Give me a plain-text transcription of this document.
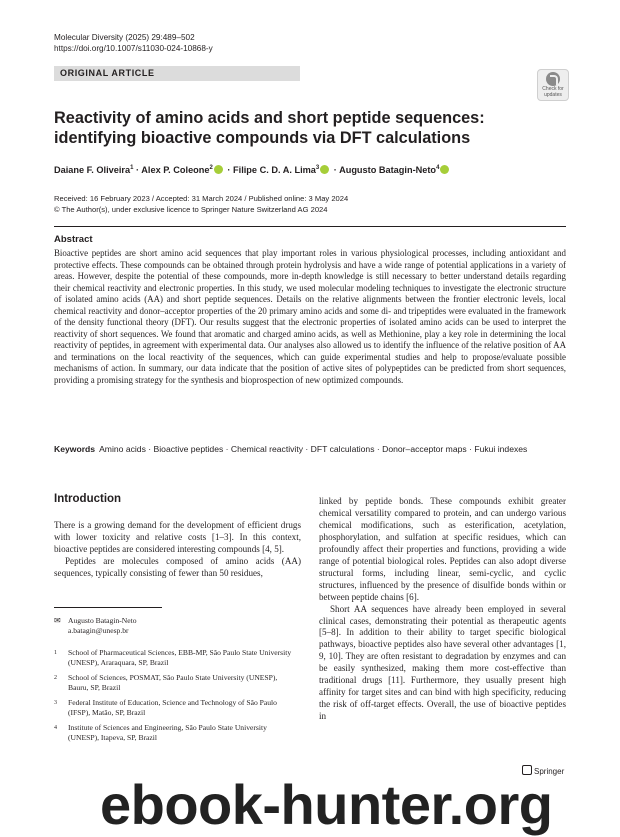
Molecular Diversity (2025) 29:489–502
https://doi.org/10.1007/s11030-024-10868-y
ORIGINAL ARTICLE
Check for updates
Reactivity of amino acids and short peptide sequences: identifying bioactive compounds via DFT calculations
Daiane F. Oliveira$^1$ · Alex P. Coleone$^2$ · Filipe C. D. A. Lima$^3$ · Augusto Batagin-Neto$^4$
Received: 16 February 2023 / Accepted: 31 March 2024 / Published online: 3 May 2024
© The Author(s), under exclusive licence to Springer Nature Switzerland AG 2024
Abstract
Bioactive peptides are short amino acid sequences that play important roles in various physiological processes, including antioxidant and protective effects. These compounds can be obtained through protein hydrolysis and have a wide range of potential applications in a variety of areas. However, despite the potential of these compounds, more in-depth knowledge is still necessary to better understand details regarding their chemical reactivity and electronic properties. In this study, we used molecular modeling techniques to investigate the electronic structure of isolated amino acids (AA) and short peptide sequences. Details on the relative alignments between the frontier electronic levels, local chemical reactivity and donor–acceptor properties of the 20 primary amino acids and some di- and tripeptides were evaluated in the framework of the density functional theory (DFT). Our results suggest that the electronic properties of isolated amino acids can be used to interpret the reactivity of short sequences. We found that aromatic and charged amino acids, as well as Methionine, play a key role in determining the local reactivity of peptides, in agreement with experimental data. Our analyses also allowed us to identify the influence of the relative position of AA and terminations on the local reactivity of the sequences, which can guide experimental studies and help to propose/evaluate possible mechanisms of action. In summary, our data indicate that the position of active sites of polypeptides can be predicted from short sequences, providing a promising strategy for the synthesis and bioprospection of new optimized compounds.
Keywords Amino acids · Bioactive peptides · Chemical reactivity · DFT calculations · Donor–acceptor maps · Fukui indexes
Introduction

There is a growing demand for the development of efficient drugs with lower toxicity and relative costs [1–3]. In this context, bioactive peptides are considered interesting compounds [4, 5].

Peptides are molecules composed of amino acids (AA) sequences, typically consisting of fewer than 50 residues,

linked by peptide bonds. These compounds exhibit greater chemical versatility compared to protein, and can undergo various chemical modifications, such as esterification, acetylation, phosphorylation, and sulfation at specific residues, which can profoundly affect their properties and functions, providing a wide range of potential biological roles. Peptides can also adopt diverse structural forms, including linear, semi-cyclic, and cyclic structures, influenced by the presence of disulfide bonds within or between peptide chains [6].

Short AA sequences have already been employed in several clinical cases, demonstrating their potential as therapeutic agents [5–8]. In addition to their ability to target specific biological pathways, bioactive peptides also have several other advantages [1, 9, 10]. They are often resistant to degradation by enzymes and can be easily synthesized, making them more cost-effective than traditional drugs [11]. Furthermore, they usually present high affinity for target sites and can bind with high specificity, reducing the risk of off-target effects. Overall, the use of bioactive peptides in

✉ Augusto Batagin-Neto
a.batagin@unesp.br
1 School of Pharmaceutical Sciences, EBB-MP, São Paulo State University (UNESP), Araraquara, SP, Brazil
2 School of Sciences, POSMAT, São Paulo State University (UNESP), Bauru, SP, Brazil
3 Federal Institute of Education, Science and Technology of São Paulo (IFSP), Matão, SP, Brazil
4 Institute of Sciences and Engineering, São Paulo State University (UNESP), Itapeva, SP, Brazil
Springer
ebook-hunter.org
